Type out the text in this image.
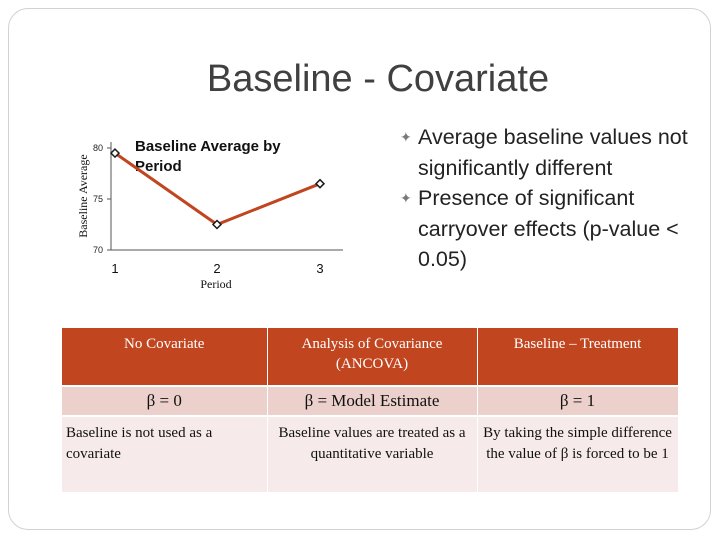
Baseline - Covariate
Baseline Average
Period
Baseline Average by Period
80
75
70
1	2	3
✦ Average baseline values not significantly different
✦ Presence of significant carryover effects (p-value < 0.05)
No Covariate	Analysis of Covariance (ANCOVA)	Baseline – Treatment
β = 0	β = Model Estimate	β = 1
Baseline is not used as a covariate	Baseline values are treated as a quantitative variable	By taking the simple difference the value of β is forced to be 1
